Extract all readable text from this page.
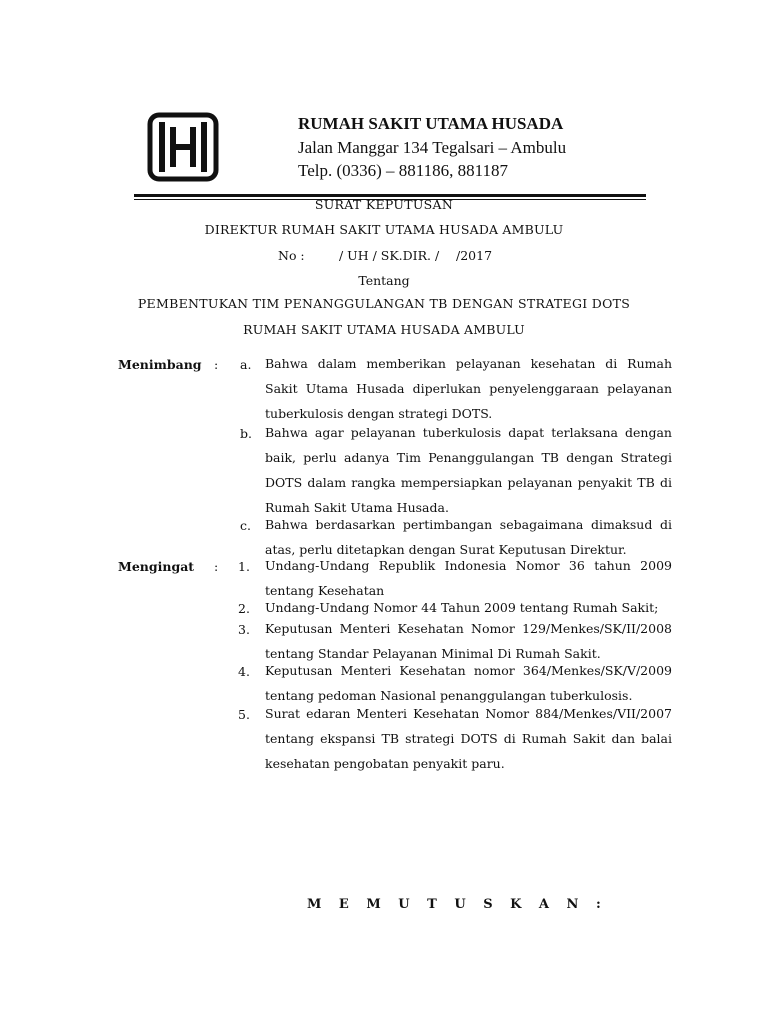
RUMAH SAKIT UTAMA HUSADA
Jalan Manggar 134 Tegalsari – Ambulu
Telp. (0336) – 881186, 881187
SURAT KEPUTUSAN
DIREKTUR RUMAH SAKIT UTAMA HUSADA AMBULU
No :	/ UH / SK.DIR. / /2017
Tentang
PEMBENTUKAN TIM PENANGGULANGAN TB DENGAN STRATEGI DOTS
RUMAH SAKIT UTAMA HUSADA AMBULU
Menimbang : a. Bahwa dalam memberikan pelayanan kesehatan di Rumah Sakit Utama Husada diperlukan penyelenggaraan pelayanan tuberkulosis dengan strategi DOTS.
b. Bahwa agar pelayanan tuberkulosis dapat terlaksana dengan baik, perlu adanya Tim Penanggulangan TB dengan Strategi DOTS dalam rangka mempersiapkan pelayanan penyakit TB di Rumah Sakit Utama Husada.
c. Bahwa berdasarkan pertimbangan sebagaimana dimaksud di atas, perlu ditetapkan dengan Surat Keputusan Direktur.
Mengingat : 1. Undang-Undang Republik Indonesia Nomor 36 tahun 2009 tentang Kesehatan
2. Undang-Undang Nomor 44 Tahun 2009 tentang Rumah Sakit;
3. Keputusan Menteri Kesehatan Nomor 129/Menkes/SK/II/2008 tentang Standar Pelayanan Minimal Di Rumah Sakit.
4. Keputusan Menteri Kesehatan nomor 364/Menkes/SK/V/2009 tentang pedoman Nasional penanggulangan tuberkulosis.
5. Surat edaran Menteri Kesehatan Nomor 884/Menkes/VII/2007 tentang ekspansi TB strategi DOTS di Rumah Sakit dan balai kesehatan pengobatan penyakit paru.
M E M U T U S K A N :
